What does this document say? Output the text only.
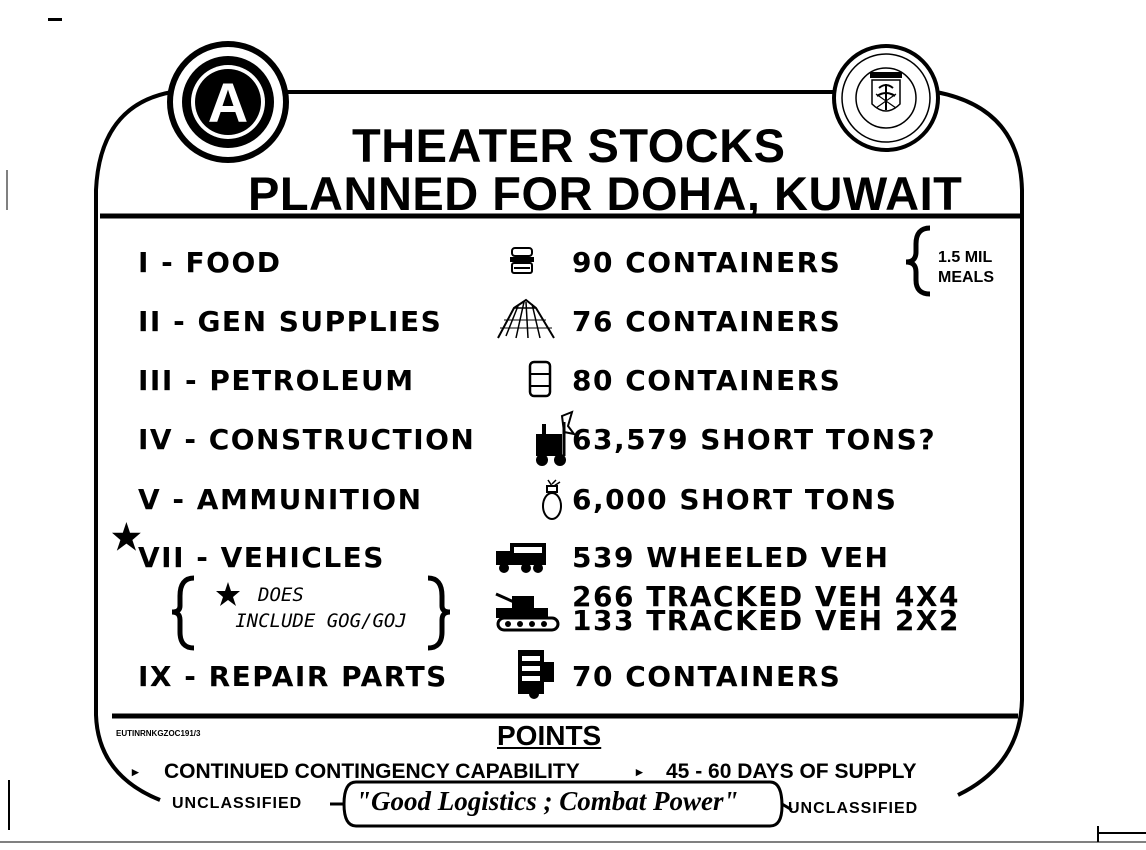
A
THEATER STOCKS
PLANNED FOR DOHA, KUWAIT
I - FOOD	90 CONTAINERS
II - GEN SUPPLIES	76 CONTAINERS
III - PETROLEUM	80 CONTAINERS
IV - CONSTRUCTION	63,579 SHORT TONS?
V - AMMUNITION	6,000 SHORT TONS
VII - VEHICLES	539 WHEELED VEH
266 TRACKED VEH 4X4
133 TRACKED VEH 2X2
IX - REPAIR PARTS	70 CONTAINERS
1.5 MIL
MEALS
DOES
INCLUDE GOG/GOJ
EUTINRNKGZOC191/3	POINTS
▸ CONTINUED CONTINGENCY CAPABILITY	▸ 45 - 60 DAYS OF SUPPLY
UNCLASSIFIED "Good Logistics ; Combat Power"	UNCLASSIFIED
